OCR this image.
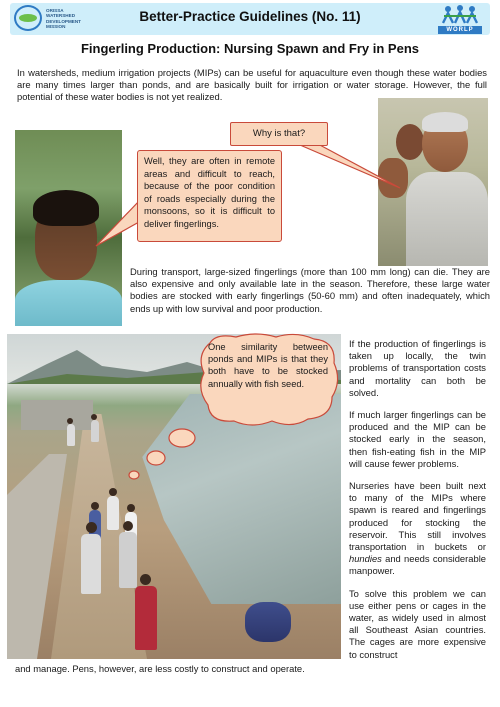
ORISSA
WATERSHED
DEVELOPMENT
MISSION
Better-Practice Guidelines (No. 11)
WORLP
Fingerling Production: Nursing Spawn and Fry in Pens
In watersheds, medium irrigation projects (MIPs) can be useful for aquaculture even though these water bodies are many times larger than ponds, and are basically built for irrigation or water storage. However, the full potential of these water bodies is not yet realized.
Why is that?
Well, they are often in remote areas and difficult to reach, because of the poor condition of roads especially during the monsoons, so it is difficult to deliver fingerlings.
During transport, large-sized fingerlings (more than 100 mm long) can die. They are also expensive and only available late in the season. Therefore, these large water bodies are stocked with early fingerlings (50-60 mm) and often inadequately, which ends up with low survival and poor production.
One similarity between ponds and MIPs is that they both have to be stocked annually with fish seed.

If the production of fingerlings is taken up locally, the twin problems of transportation costs and mortality can both be solved.

If much larger fingerlings can be produced and the MIP can be stocked early in the season, then fish-eating fish in the MIP will cause fewer problems.

Nurseries have been built next to many of the MIPs where spawn is reared and fingerlings produced for stocking the reservoir. This still involves transportation in buckets or hundies and needs considerable manpower.

To solve this problem we can use either pens or cages in the water, as widely used in almost all Southeast Asian countries. The cages are more expensive to construct

and manage. Pens, however, are less costly to construct and operate.
